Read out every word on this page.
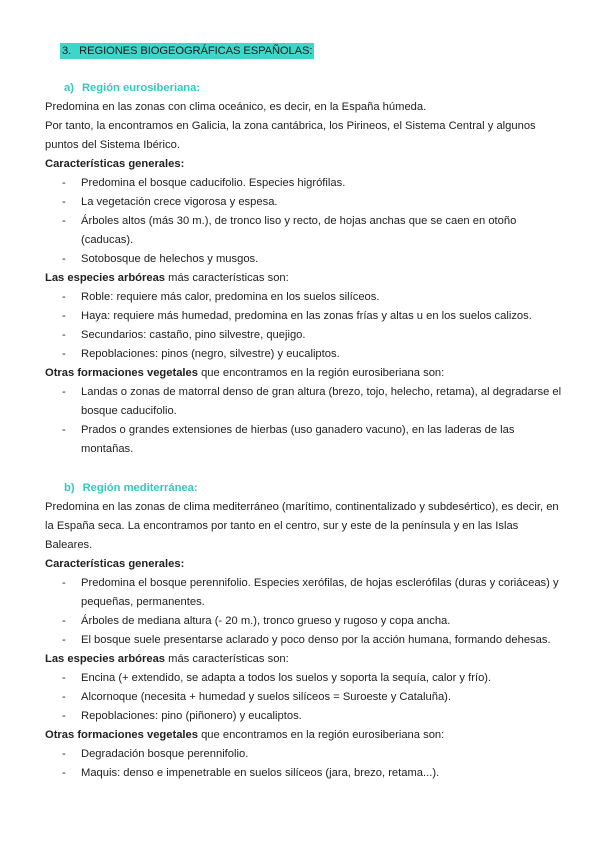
3. REGIONES BIOGEOGRÁFICAS ESPAÑOLAS:

a) Región eurosiberiana:

Predomina en las zonas con clima oceánico, es decir, en la España húmeda.

Por tanto, la encontramos en Galicia, la zona cantábrica, los Pirineos, el Sistema Central y algunos puntos del Sistema Ibérico.

Características generales:

- Predomina el bosque caducifolio. Especies higrófilas.
- La vegetación crece vigorosa y espesa.
- Árboles altos (más 30 m.), de tronco liso y recto, de hojas anchas que se caen en otoño (caducas).
- Sotobosque de helechos y musgos.

Las especies arbóreas más características son:

- Roble: requiere más calor, predomina en los suelos silíceos.
- Haya: requiere más humedad, predomina en las zonas frías y altas u en los suelos calizos.
- Secundarios: castaño, pino silvestre, quejigo.
- Repoblaciones: pinos (negro, silvestre) y eucaliptos.

Otras formaciones vegetales que encontramos en la región eurosiberiana son:

- Landas o zonas de matorral denso de gran altura (brezo, tojo, helecho, retama), al degradarse el bosque caducifolio.
- Prados o grandes extensiones de hierbas (uso ganadero vacuno), en las laderas de las montañas.

b) Región mediterránea:

Predomina en las zonas de clima mediterráneo (marítimo, continentalizado y subdesértico), es decir, en la España seca. La encontramos por tanto en el centro, sur y este de la península y en las Islas Baleares.

Características generales:

- Predomina el bosque perennifolio. Especies xerófilas, de hojas esclerófilas (duras y coriáceas) y pequeñas, permanentes.
- Árboles de mediana altura (- 20 m.), tronco grueso y rugoso y copa ancha.
- El bosque suele presentarse aclarado y poco denso por la acción humana, formando dehesas.

Las especies arbóreas más características son:

- Encina (+ extendido, se adapta a todos los suelos y soporta la sequía, calor y frío).
- Alcornoque (necesita + humedad y suelos silíceos = Suroeste y Cataluña).
- Repoblaciones: pino (piñonero) y eucaliptos.

Otras formaciones vegetales que encontramos en la región eurosiberiana son:

- Degradación bosque perennifolio.
- Maquis: denso e impenetrable en suelos silíceos (jara, brezo, retama...).
